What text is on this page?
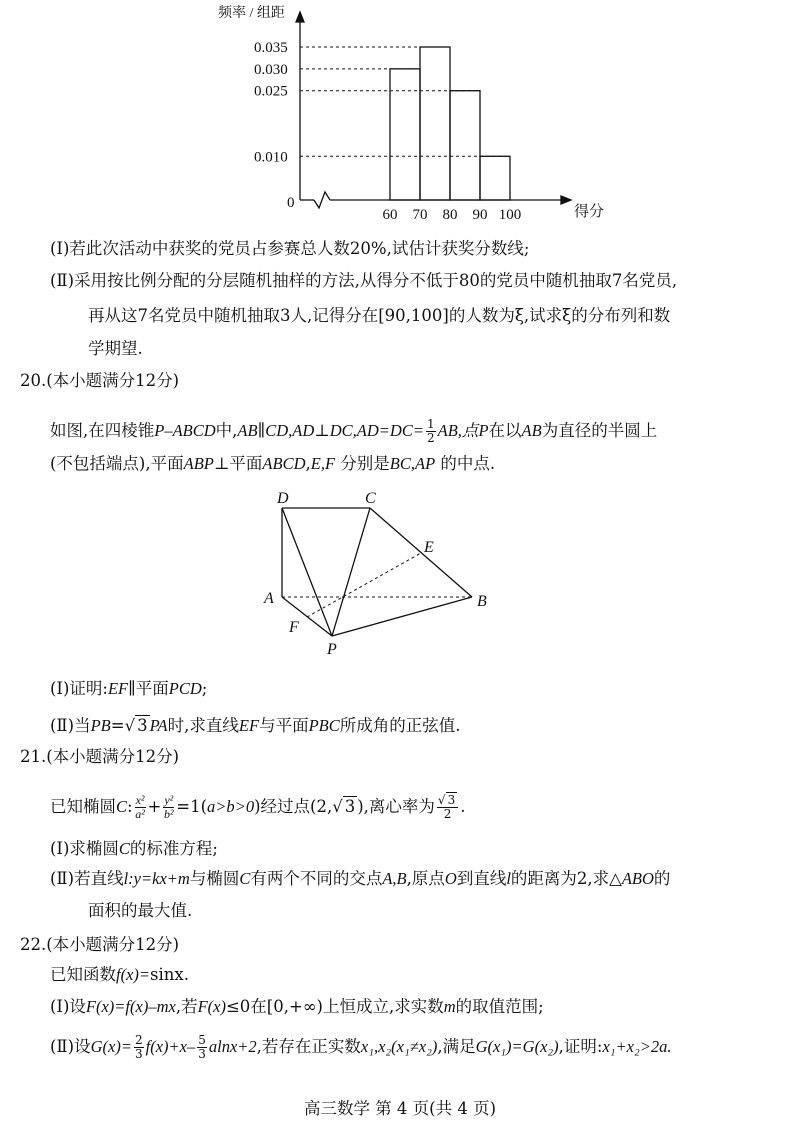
0.010
0.025
0.030
0.035
60 70 80 90 100
频率 / 组距
得分
0
(Ⅰ)若此次活动中获奖的党员占参赛总人数20%,试估计获奖分数线;
(Ⅱ)采用按比例分配的分层随机抽样的方法,从得分不低于80的党员中随机抽取7名党员,
再从这7名党员中随机抽取3人,记得分在[90,100]的人数为ξ,试求ξ的分布列和数
学期望.
20.(本小题满分12分)
如图,在四棱锥P–ABCD中,AB∥CD,AD⊥DC,AD=DC= $\frac{1}{2}$ AB,点P在以AB为直径的半圆上
(不包括端点),平面ABP⊥平面ABCD,E,F 分别是BC,AP 的中点.
D	C
E
A	B
F
P
(Ⅰ)证明:EF∥平面PCD;
(Ⅱ)当PB=√ 3 PA时,求直线EF与平面PBC所成角的正弦值.
21.(本小题满分12分)
已知椭圆C: $\frac{\text{x²}}{\text{a²}} + \frac{\text{y²}}{\text{b²}} =1(a>b>0)$经过点(2,√ 3 ),离心率为 $\frac{√ 3}{2}$ .
(Ⅰ)求椭圆C的标准方程;
(Ⅱ)若直线l:y=kx+m与椭圆C有两个不同的交点A,B,原点O到直线l的距离为2,求△ABO的
面积的最大值.
22.(本小题满分12分)
已知函数f(x)=sinx.
(Ⅰ)设F(x)=f(x)–mx,若F(x)≤0在[0,+∞)上恒成立,求实数m的取值范围;
(Ⅱ)设$G(x)= \frac{2}{3} f(x)+x- \frac{5}{3} alnx+2$,若存在正实数x₁,x₂(x₁≠x₂),满足G(x₁)=G(x₂),证明:x₁+x₂>2a.
高三数学 第 4 页(共 4 页)
